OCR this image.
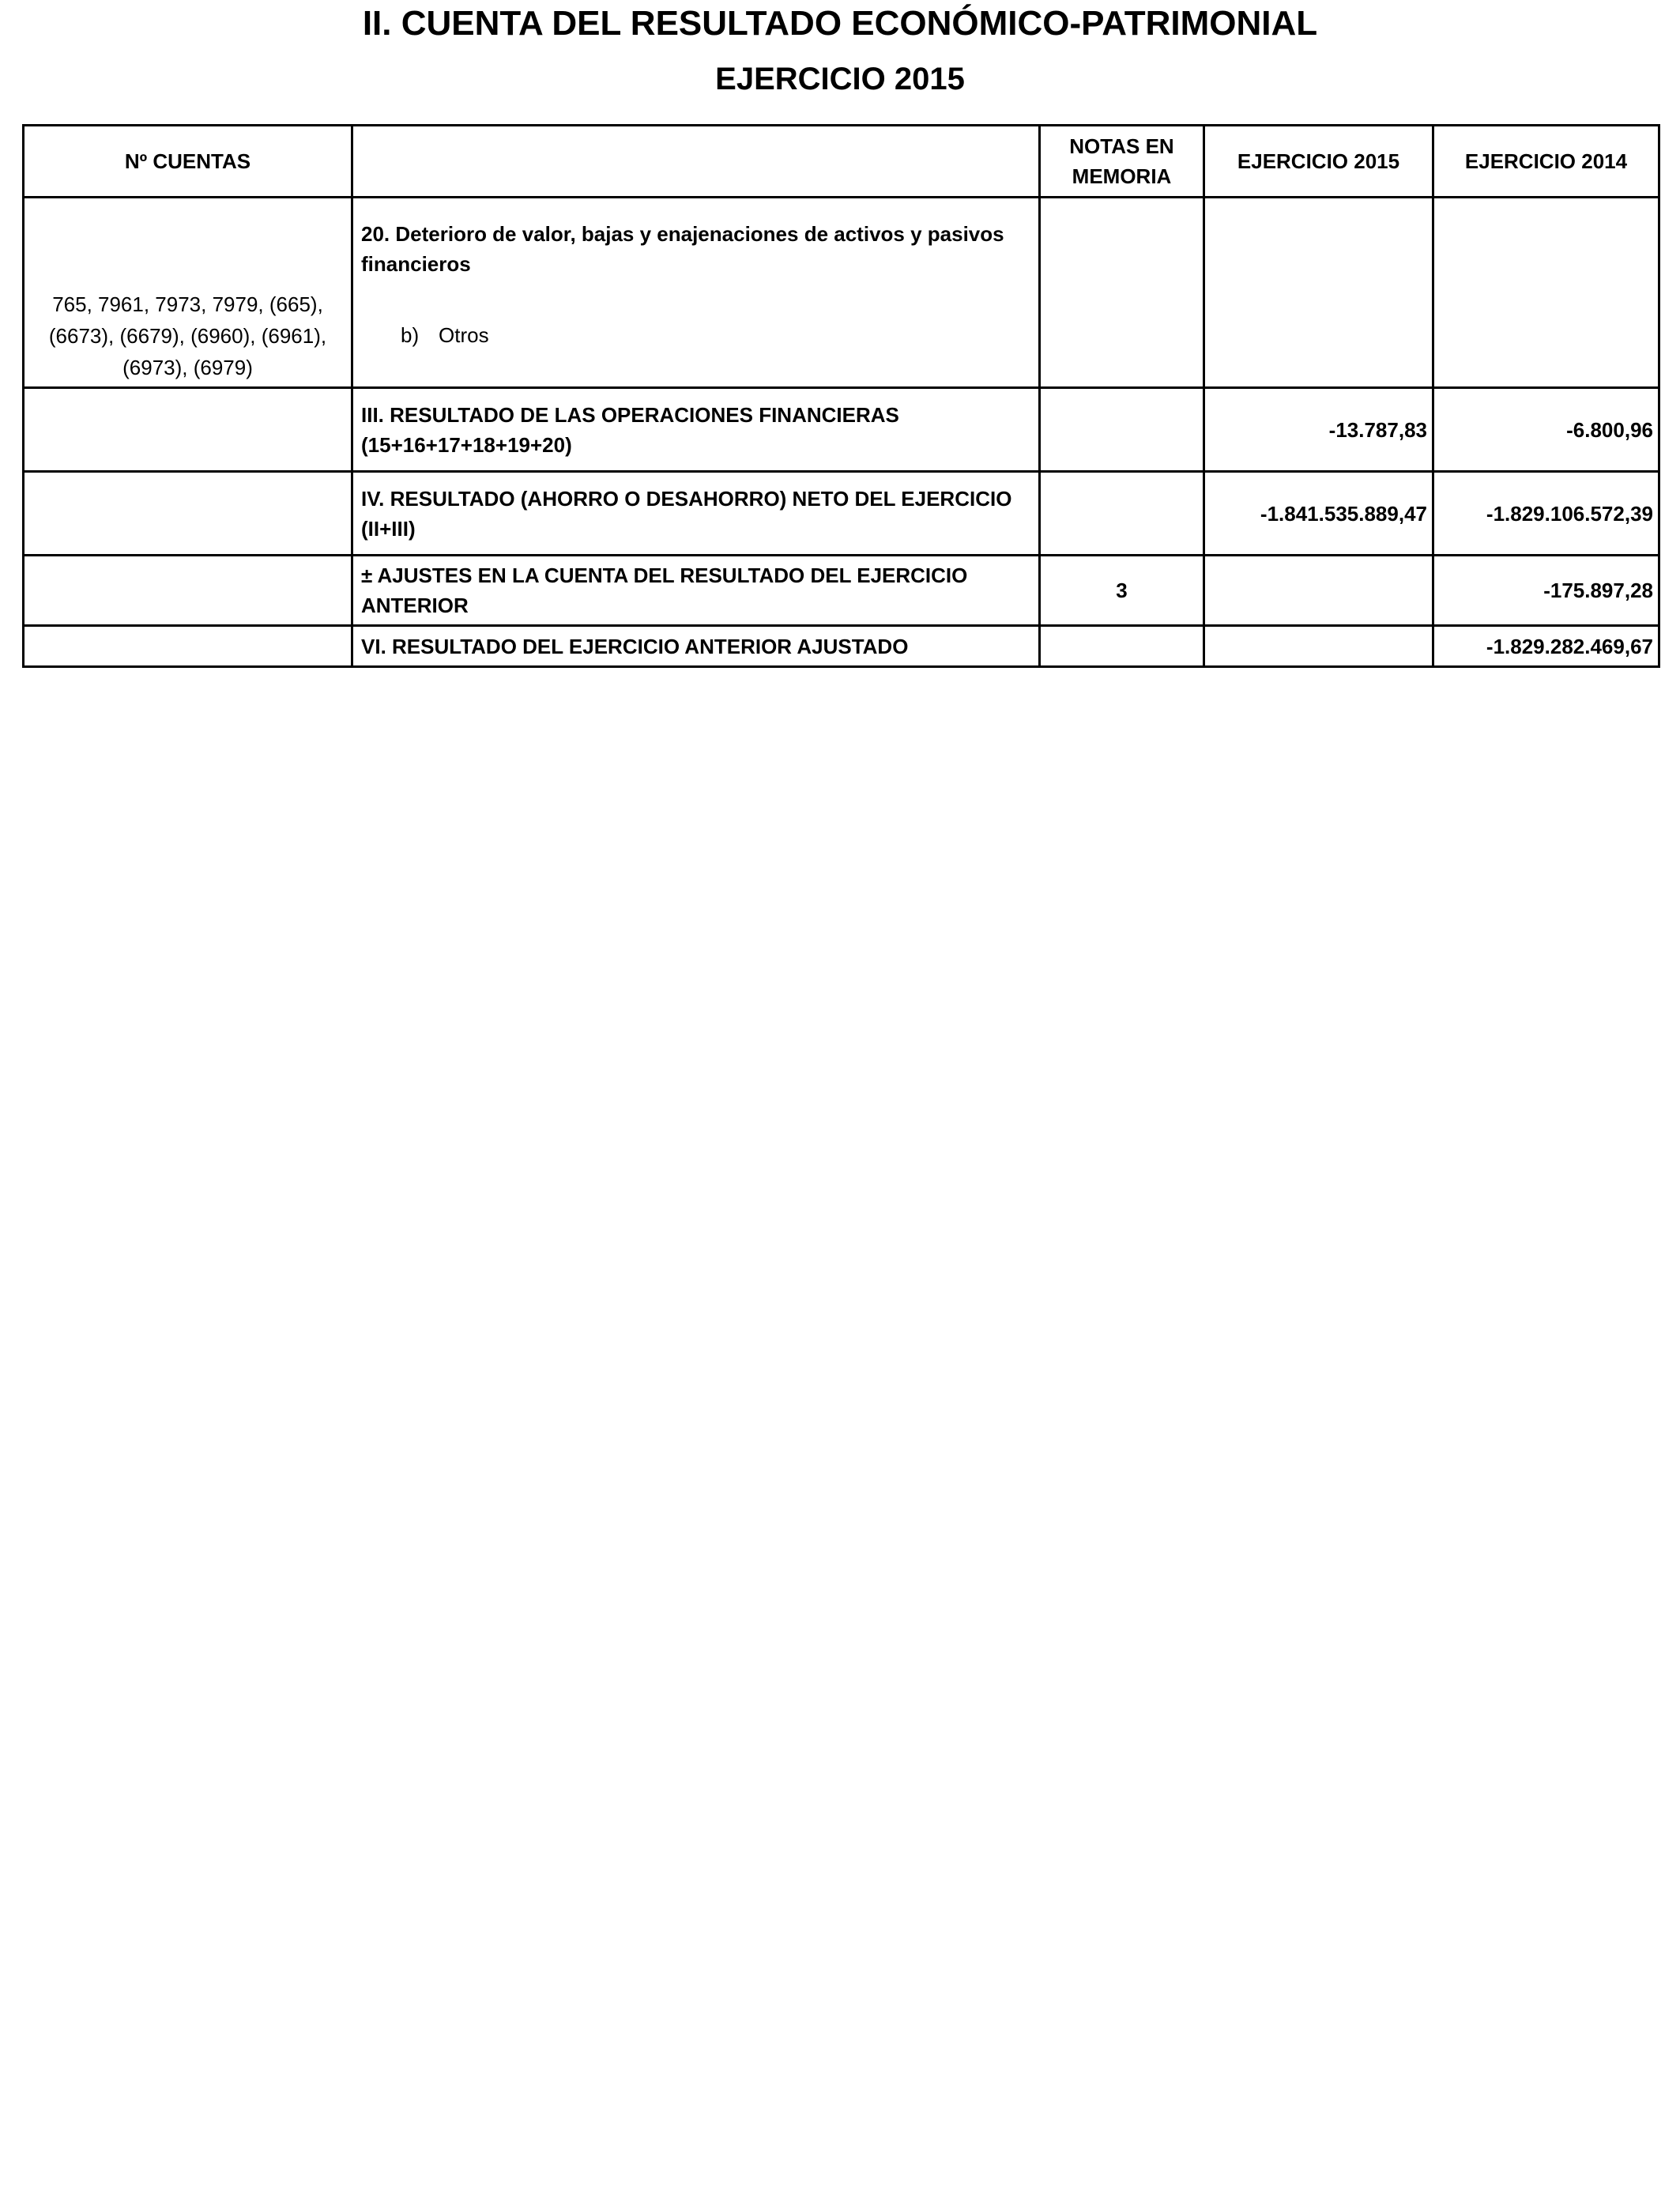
II. CUENTA DEL RESULTADO ECONÓMICO-PATRIMONIAL
EJERCICIO 2015
Nº CUENTAS		NOTAS EN MEMORIA	EJERCICIO 2015	EJERCICIO 2014
765, 7961, 7973, 7979, (665), (6673), (6679), (6960), (6961), (6973), (6979)	20. Deterioro de valor, bajas y enajenaciones de activos y pasivos financieros
b) Otros			

	III. RESULTADO DE LAS OPERACIONES FINANCIERAS (15+16+17+18+19+20)		-13.787,83	-6.800,96
	IV. RESULTADO (AHORRO O DESAHORRO) NETO DEL EJERCICIO (II+III)		-1.841.535.889,47	-1.829.106.572,39
	± AJUSTES EN LA CUENTA DEL RESULTADO DEL EJERCICIO ANTERIOR	3		-175.897,28
	VI. RESULTADO DEL EJERCICIO ANTERIOR AJUSTADO			-1.829.282.469,67
